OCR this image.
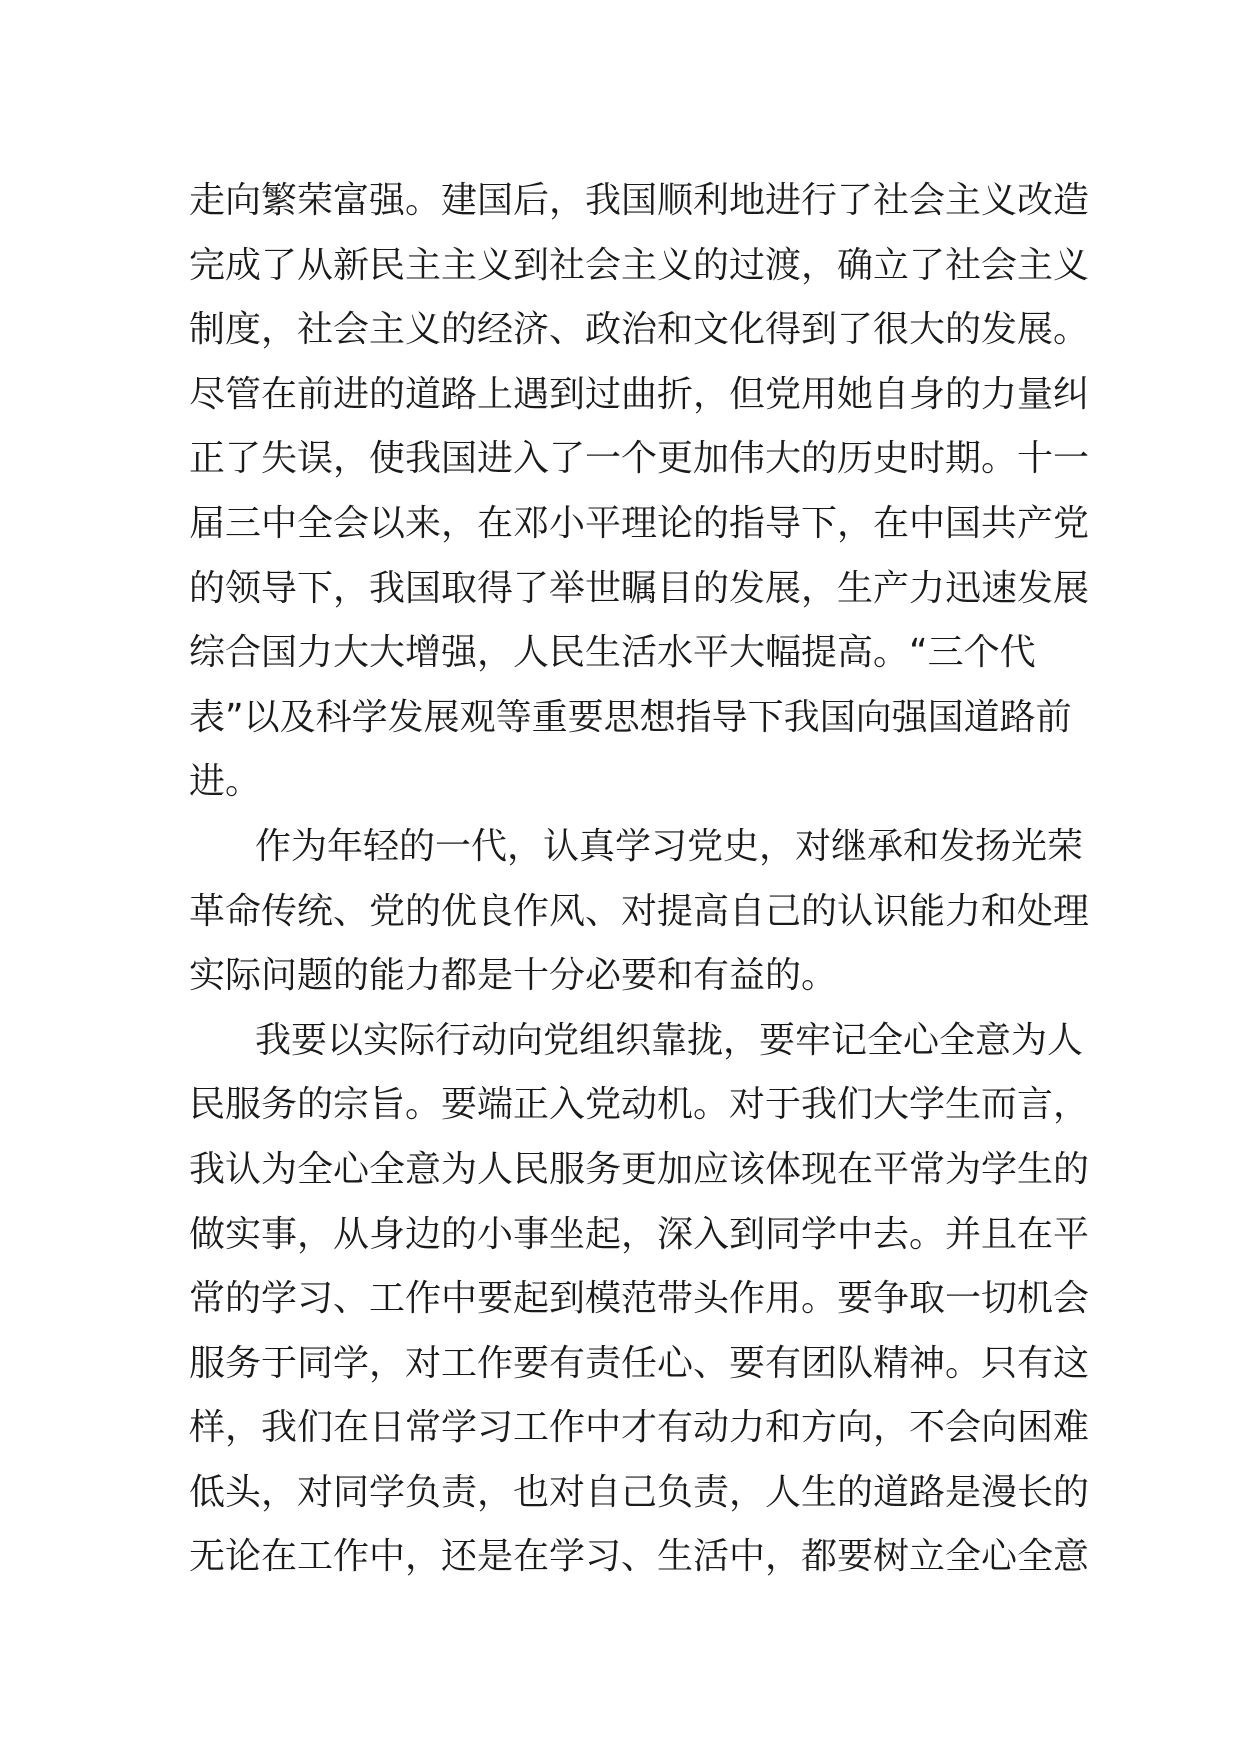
走向繁荣富强。建国后，我国顺利地进行了社会主义改造
完成了从新民主主义到社会主义的过渡，确立了社会主义
制度，社会主义的经济、政治和文化得到了很大的发展。
尽管在前进的道路上遇到过曲折，但党用她自身的力量纠
正了失误，使我国进入了一个更加伟大的历史时期。十一
届三中全会以来，在邓小平理论的指导下，在中国共产党
的领导下，我国取得了举世瞩目的发展，生产力迅速发展
综合国力大大增强，人民生活水平大幅提高。“三个代
表”以及科学发展观等重要思想指导下我国向强国道路前
进。
作为年轻的一代，认真学习党史，对继承和发扬光荣
革命传统、党的优良作风、对提高自己的认识能力和处理
实际问题的能力都是十分必要和有益的。
我要以实际行动向党组织靠拢，要牢记全心全意为人
民服务的宗旨。要端正入党动机。对于我们大学生而言，
我认为全心全意为人民服务更加应该体现在平常为学生的
做实事，从身边的小事坐起，深入到同学中去。并且在平
常的学习、工作中要起到模范带头作用。要争取一切机会
服务于同学，对工作要有责任心、要有团队精神。只有这
样，我们在日常学习工作中才有动力和方向，不会向困难
低头，对同学负责，也对自己负责，人生的道路是漫长的
无论在工作中，还是在学习、生活中，都要树立全心全意
